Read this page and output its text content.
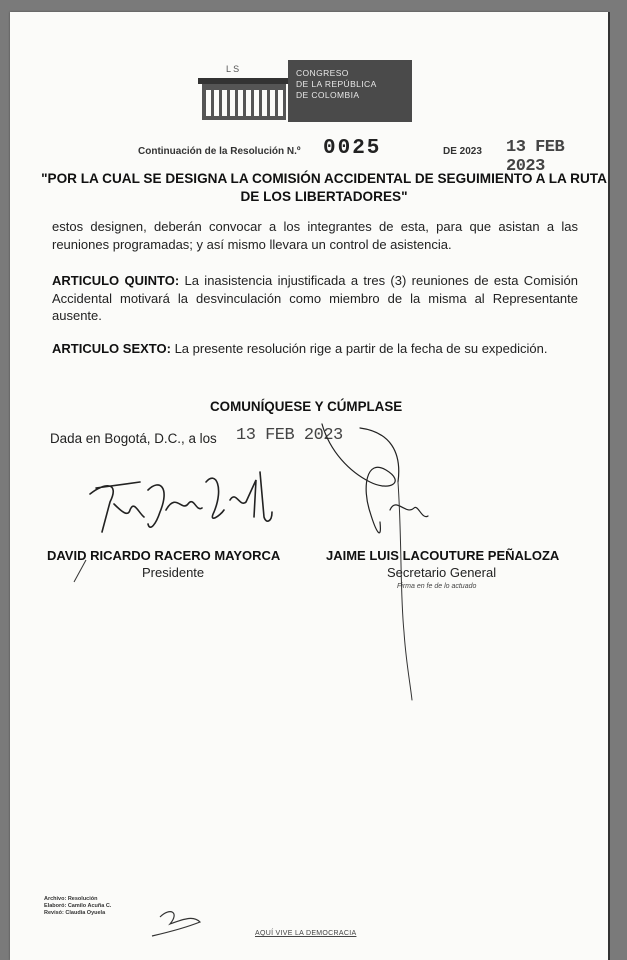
L S	CONGRESO
DE LA REPÚBLICA
DE COLOMBIA
Continuación de la Resolución N.º 0025	DE 2023 13 FEB 2023
"POR LA CUAL SE DESIGNA LA COMISIÓN ACCIDENTAL DE SEGUIMIENTO A LA RUTA DE LOS LIBERTADORES"
estos designen, deberán convocar a los integrantes de esta, para que asistan a las reuniones programadas; y así mismo llevara un control de asistencia.
ARTICULO QUINTO: La inasistencia injustificada a tres (3) reuniones de esta Comisión Accidental motivará la desvinculación como miembro de la misma al Representante ausente.
ARTICULO SEXTO: La presente resolución rige a partir de la fecha de su expedición.
COMUNÍQUESE Y CÚMPLASE
Dada en Bogotá, D.C., a los 13 FEB 2023
DAVID RICARDO RACERO MAYORCA
Presidente
JAIME LUIS LACOUTURE PEÑALOZA
Secretario General
Firma en fe de lo actuado
Archivo: Resolución
Elaboró: Camilo Acuña C.
Revisó: Claudia Oyuela
AQUÍ VIVE LA DEMOCRACIA
